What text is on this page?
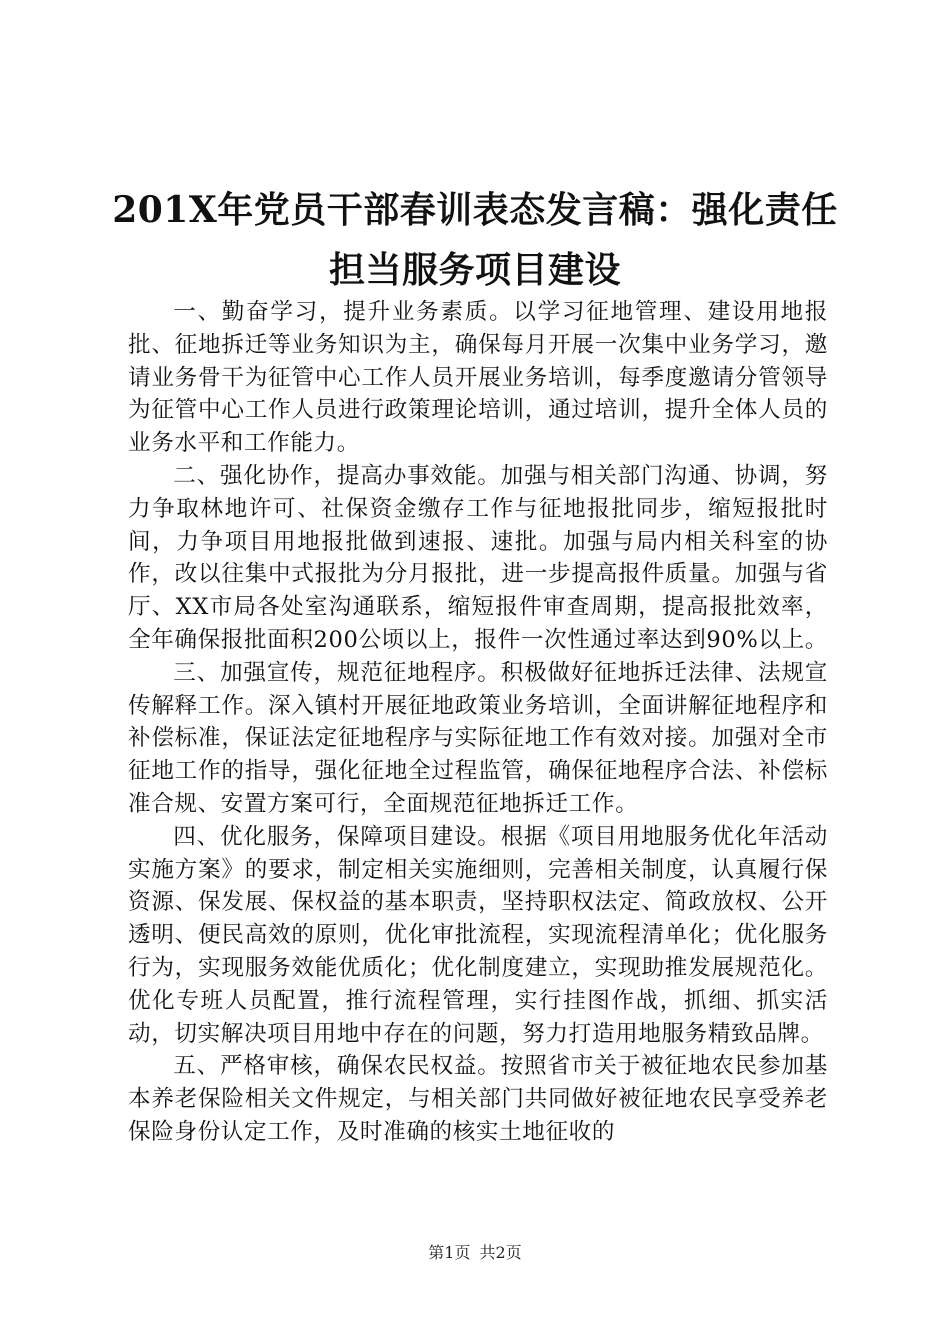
201X年党员干部春训表态发言稿：强化责任
担当服务项目建设

一、勤奋学习，提升业务素质。以学习征地管理、建设用地报批、征地拆迁等业务知识为主，确保每月开展一次集中业务学习，邀请业务骨干为征管中心工作人员开展业务培训，每季度邀请分管领导为征管中心工作人员进行政策理论培训，通过培训，提升全体人员的业务水平和工作能力。

二、强化协作，提高办事效能。加强与相关部门沟通、协调，努力争取林地许可、社保资金缴存工作与征地报批同步，缩短报批时间，力争项目用地报批做到速报、速批。加强与局内相关科室的协作，改以往集中式报批为分月报批，进一步提高报件质量。加强与省厅、XX市局各处室沟通联系，缩短报件审查周期，提高报批效率，全年确保报批面积200公顷以上，报件一次性通过率达到90%以上。

三、加强宣传，规范征地程序。积极做好征地拆迁法律、法规宣传解释工作。深入镇村开展征地政策业务培训，全面讲解征地程序和补偿标准，保证法定征地程序与实际征地工作有效对接。加强对全市征地工作的指导，强化征地全过程监管，确保征地程序合法、补偿标准合规、安置方案可行，全面规范征地拆迁工作。

四、优化服务，保障项目建设。根据《项目用地服务优化年活动实施方案》的要求，制定相关实施细则，完善相关制度，认真履行保资源、保发展、保权益的基本职责，坚持职权法定、简政放权、公开透明、便民高效的原则，优化审批流程，实现流程清单化；优化服务行为，实现服务效能优质化；优化制度建立，实现助推发展规范化。优化专班人员配置，推行流程管理，实行挂图作战，抓细、抓实活动，切实解决项目用地中存在的问题，努力打造用地服务精致品牌。

五、严格审核，确保农民权益。按照省市关于被征地农民参加基本养老保险相关文件规定，与相关部门共同做好被征地农民享受养老保险身份认定工作，及时准确的核实土地征收的

第1页 共2页
